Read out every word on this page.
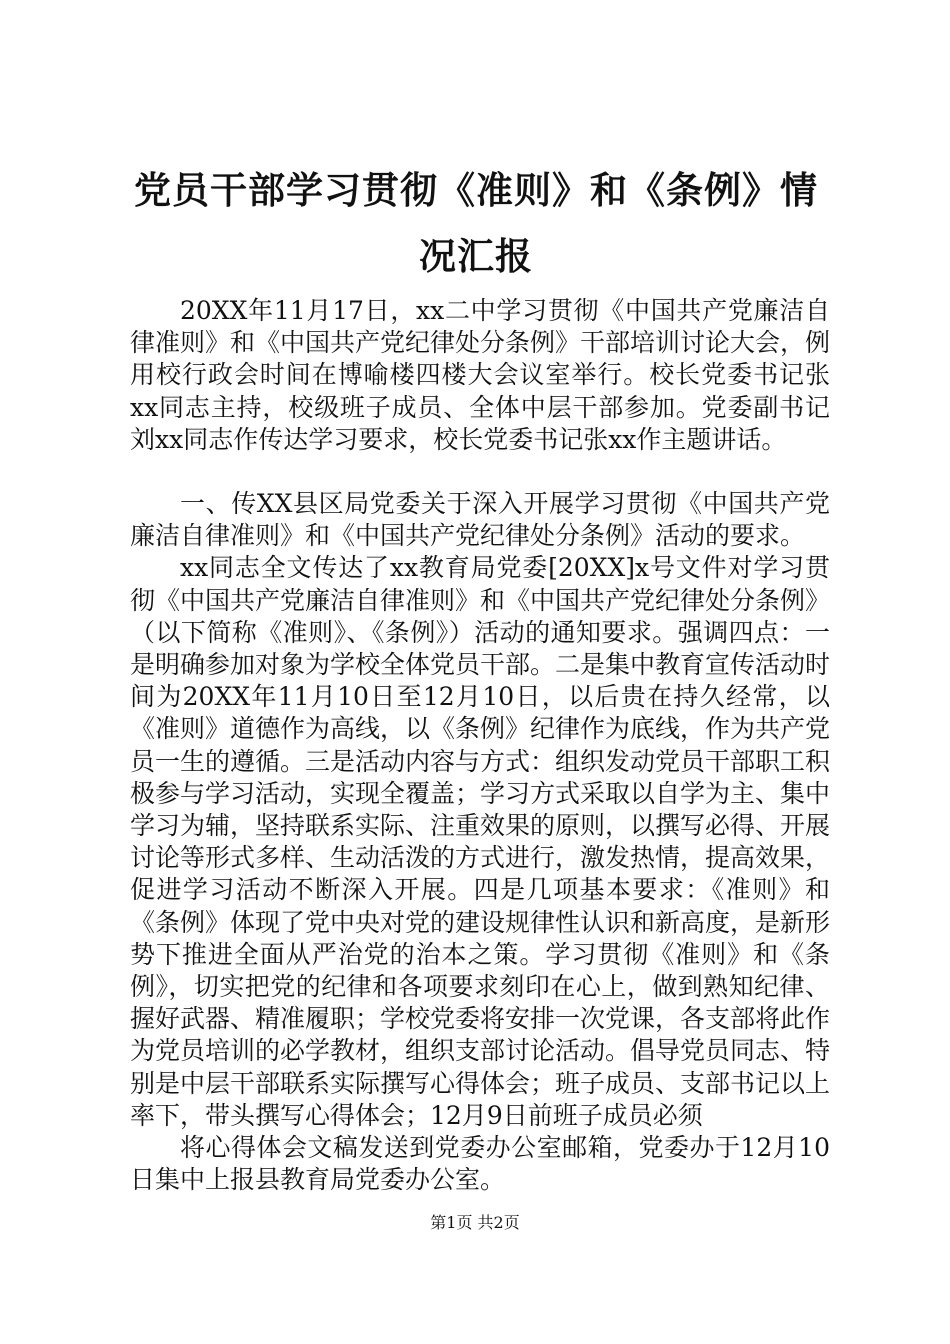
党员干部学习贯彻《准则》和《条例》情况汇报

20XX年11月17日，xx二中学习贯彻《中国共产党廉洁自律准则》和《中国共产党纪律处分条例》干部培训讨论大会，例用校行政会时间在博喻楼四楼大会议室举行。校长党委书记张xx同志主持，校级班子成员、全体中层干部参加。党委副书记刘xx同志作传达学习要求，校长党委书记张xx作主题讲话。

一、传XX县区局党委关于深入开展学习贯彻《中国共产党廉洁自律准则》和《中国共产党纪律处分条例》活动的要求。

xx同志全文传达了xx教育局党委[20XX]x号文件对学习贯彻《中国共产党廉洁自律准则》和《中国共产党纪律处分条例》（以下简称《准则》、《条例》）活动的通知要求。强调四点：一是明确参加对象为学校全体党员干部。二是集中教育宣传活动时间为20XX年11月10日至12月10日，以后贵在持久经常，以《准则》道德作为高线，以《条例》纪律作为底线，作为共产党员一生的遵循。三是活动内容与方式：组织发动党员干部职工积极参与学习活动，实现全覆盖；学习方式采取以自学为主、集中学习为辅，坚持联系实际、注重效果的原则，以撰写必得、开展讨论等形式多样、生动活泼的方式进行，激发热情，提高效果，促进学习活动不断深入开展。四是几项基本要求：《准则》和《条例》体现了党中央对党的建设规律性认识和新高度，是新形势下推进全面从严治党的治本之策。学习贯彻《准则》和《条例》，切实把党的纪律和各项要求刻印在心上，做到熟知纪律、握好武器、精准履职；学校党委将安排一次党课，各支部将此作为党员培训的必学教材，组织支部讨论活动。倡导党员同志、特别是中层干部联系实际撰写心得体会；班子成员、支部书记以上率下，带头撰写心得体会；12月9日前班子成员必须

将心得体会文稿发送到党委办公室邮箱，党委办于12月10日集中上报县教育局党委办公室。

第1页 共2页
